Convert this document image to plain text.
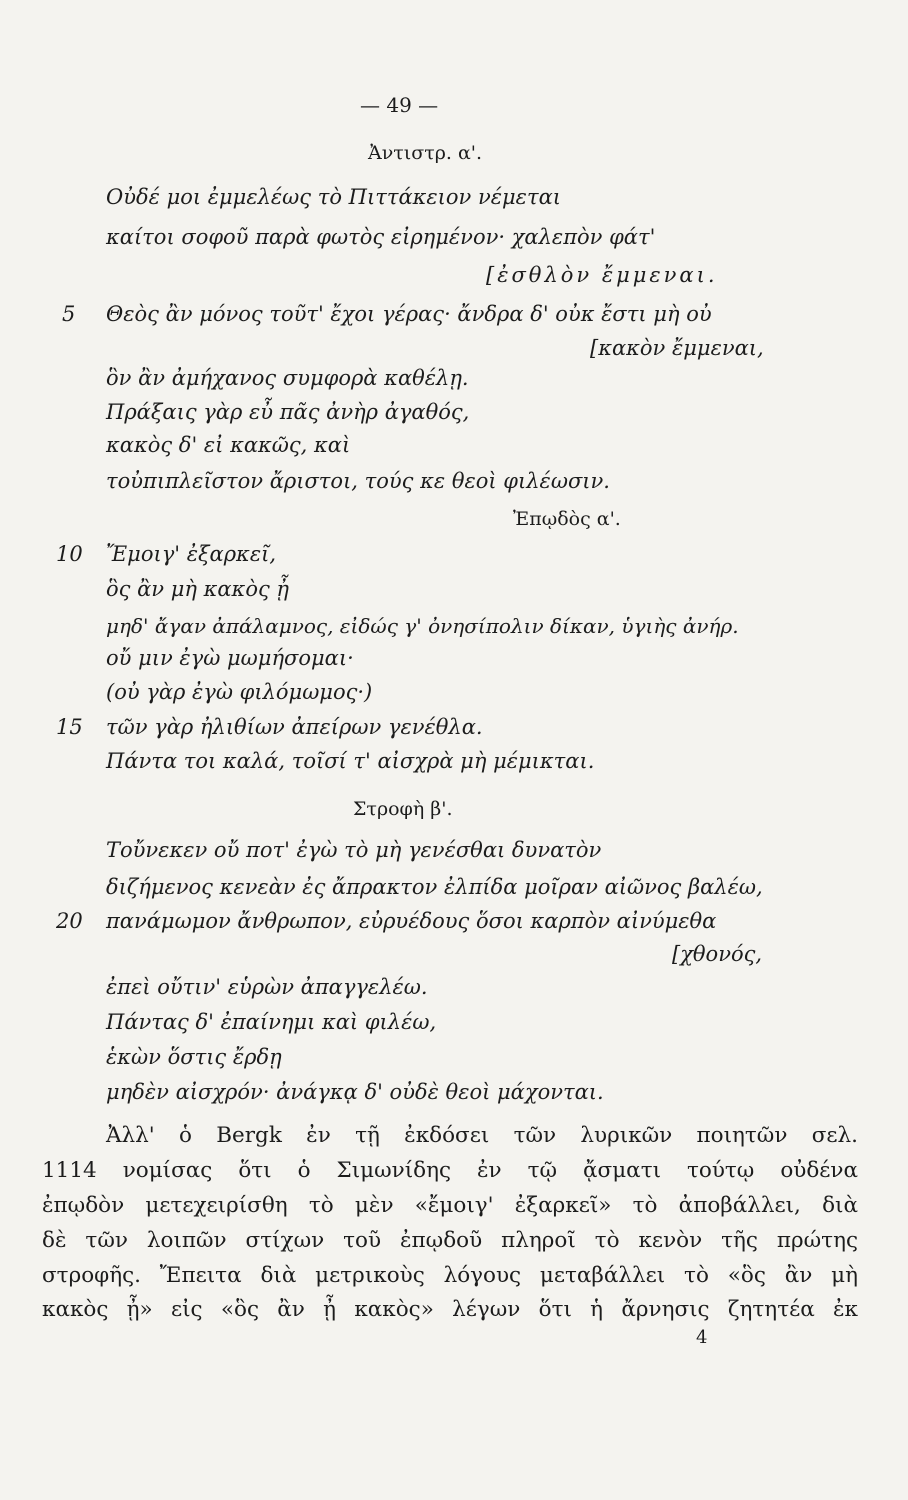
— 49 —
Ἀντιστρ. α'.
Οὐδέ μοι ἐμμελέως τὸ Πιττάκειον νέμεται
καίτοι σοφοῦ παρὰ φωτὸς εἰρημένον· χαλεπὸν φάτ'
[ἐσθλὸν ἔμμεναι.
5 Θεὸς ἂν μόνος τοῦτ' ἔχοι γέρας· ἄνδρα δ' οὐκ ἔστι μὴ οὐ
[κακὸν ἔμμεναι,
ὃν ἂν ἀμήχανος συμφορὰ καθέλῃ.
Πράξαις γὰρ εὖ πᾶς ἀνὴρ ἀγαθός,
κακὸς δ' εἰ κακῶς, καὶ
τοὐπιπλεῖστον ἄριστοι, τούς κε θεοὶ φιλέωσιν.
Ἐπῳδὸς α'.
10 Ἔμοιγ' ἐξαρκεῖ,
ὃς ἂν μὴ κακὸς ᾖ
μηδ' ἄγαν ἀπάλαμνος, εἰδώς γ' ὀνησίπολιν δίκαν, ὑγιὴς ἀνήρ.
οὔ μιν ἐγὼ μωμήσομαι·
(οὐ γὰρ ἐγὼ φιλόμωμος·)
15 τῶν γὰρ ἠλιθίων ἀπείρων γενέθλα.
Πάντα τοι καλά, τοῖσί τ' αἰσχρὰ μὴ μέμικται.
Στροφὴ β'.
Τοὔνεκεν οὔ ποτ' ἐγὼ τὸ μὴ γενέσθαι δυνατὸν
διζήμενος κενεὰν ἐς ἄπρακτον ἐλπίδα μοῖραν αἰῶνος βαλέω,
20 πανάμωμον ἄνθρωπον, εὐρυέδους ὅσοι καρπὸν αἰνύμεθα
[χθονός,
ἐπεὶ οὔτιν' εὑρὼν ἀπαγγελέω.
Πάντας δ' ἐπαίνημι καὶ φιλέω,
ἑκὼν ὅστις ἔρδῃ
μηδὲν αἰσχρόν· ἀνάγκᾳ δ' οὐδὲ θεοὶ μάχονται.
Ἀλλ' ὁ Bergk ἐν τῇ ἐκδόσει τῶν λυρικῶν ποιητῶν σελ.
1114 νομίσας ὅτι ὁ Σιμωνίδης ἐν τῷ ᾄσματι τούτῳ οὐδένα
ἐπῳδὸν μετεχειρίσθη τὸ μὲν «ἔμοιγ' ἐξαρκεῖ» τὸ ἀποβάλλει, διὰ
δὲ τῶν λοιπῶν στίχων τοῦ ἐπῳδοῦ πληροῖ τὸ κενὸν τῆς πρώτης
στροφῆς. Ἔπειτα διὰ μετρικοὺς λόγους μεταβάλλει τὸ «ὃς ἂν μὴ
κακὸς ᾖ» εἰς «ὃς ἂν ᾖ κακὸς» λέγων ὅτι ἡ ἄρνησις ζητητέα ἐκ
4
